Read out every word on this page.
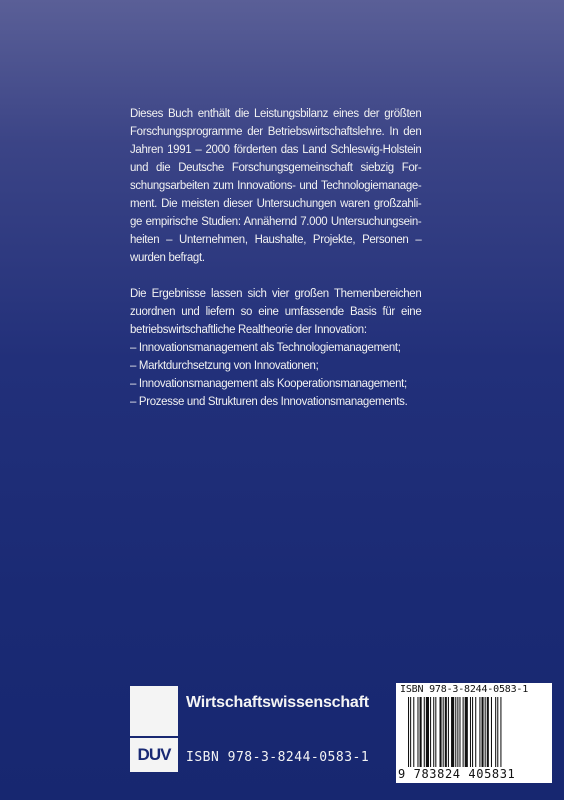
Dieses Buch enthält die Leistungsbilanz eines der größten
Forschungsprogramme der Betriebswirtschaftslehre. In den
Jahren 1991 – 2000 förderten das Land Schleswig-Holstein
und die Deutsche Forschungsgemeinschaft siebzig For-
schungsarbeiten zum Innovations- und Technologiemanage-
ment. Die meisten dieser Untersuchungen waren großzahli-
ge empirische Studien: Annähernd 7.000 Untersuchungsein-
heiten – Unternehmen, Haushalte, Projekte, Personen –
wurden befragt.

Die Ergebnisse lassen sich vier großen Themenbereichen
zuordnen und liefern so eine umfassende Basis für eine
betriebswirtschaftliche Realtheorie der Innovation:
– Innovationsmanagement als Technologiemanagement;
– Marktdurchsetzung von Innovationen;
– Innovationsmanagement als Kooperationsmanagement;
– Prozesse und Strukturen des Innovationsmanagements.

DUV
Wirtschaftswissenschaft
ISBN 978-3-8244-0583-1
ISBN 978-3-8244-0583-1
9 783824 405831
